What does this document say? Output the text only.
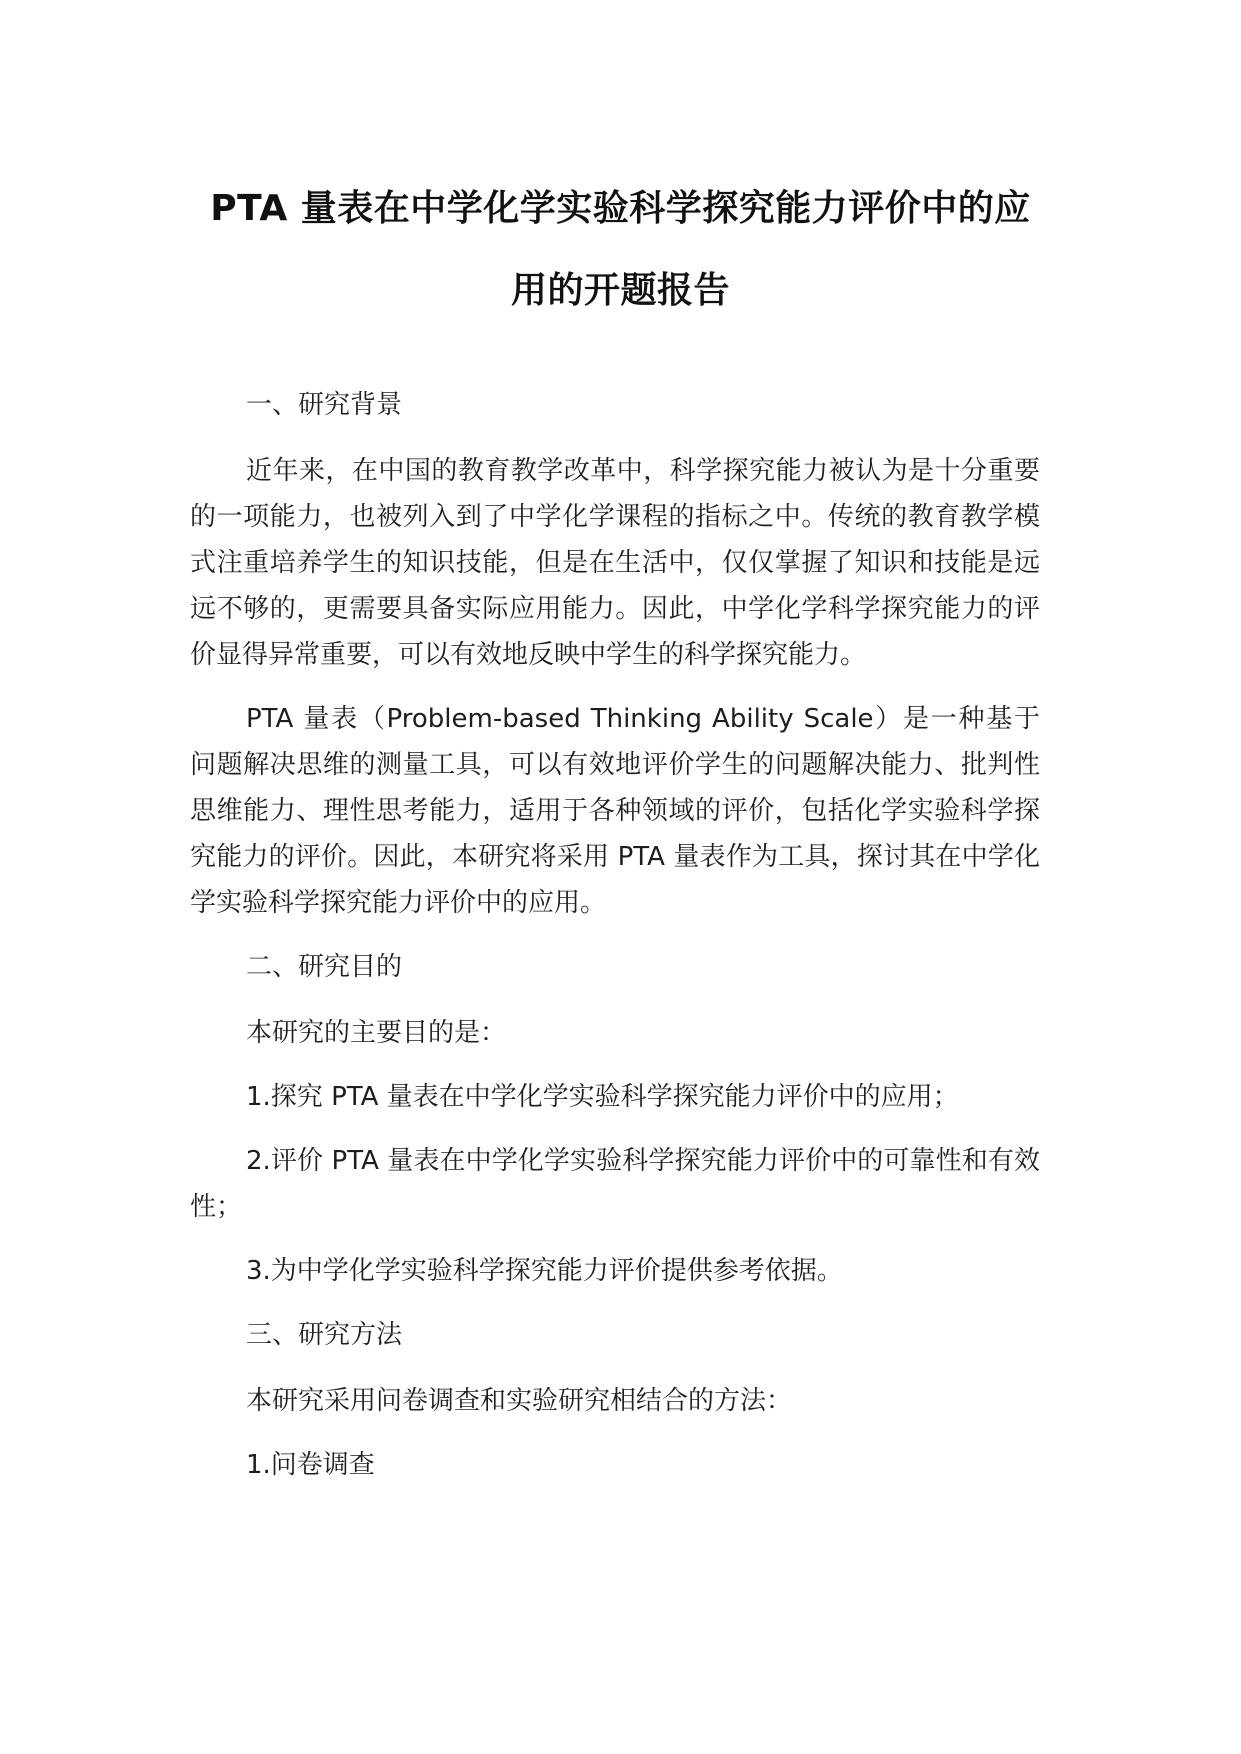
PTA 量表在中学化学实验科学探究能力评价中的应
用的开题报告

一、研究背景

近年来，在中国的教育教学改革中，科学探究能力被认为是十分重要的一项能力，也被列入到了中学化学课程的指标之中。传统的教育教学模式注重培养学生的知识技能，但是在生活中，仅仅掌握了知识和技能是远远不够的，更需要具备实际应用能力。因此，中学化学科学探究能力的评价显得异常重要，可以有效地反映中学生的科学探究能力。

PTA 量表（Problem-based Thinking Ability Scale）是一种基于问题解决思维的测量工具，可以有效地评价学生的问题解决能力、批判性思维能力、理性思考能力，适用于各种领域的评价，包括化学实验科学探究能力的评价。因此，本研究将采用 PTA 量表作为工具，探讨其在中学化学实验科学探究能力评价中的应用。

二、研究目的

本研究的主要目的是：

1.探究 PTA 量表在中学化学实验科学探究能力评价中的应用；

2.评价 PTA 量表在中学化学实验科学探究能力评价中的可靠性和有效性；

3.为中学化学实验科学探究能力评价提供参考依据。

三、研究方法

本研究采用问卷调查和实验研究相结合的方法：

1.问卷调查
